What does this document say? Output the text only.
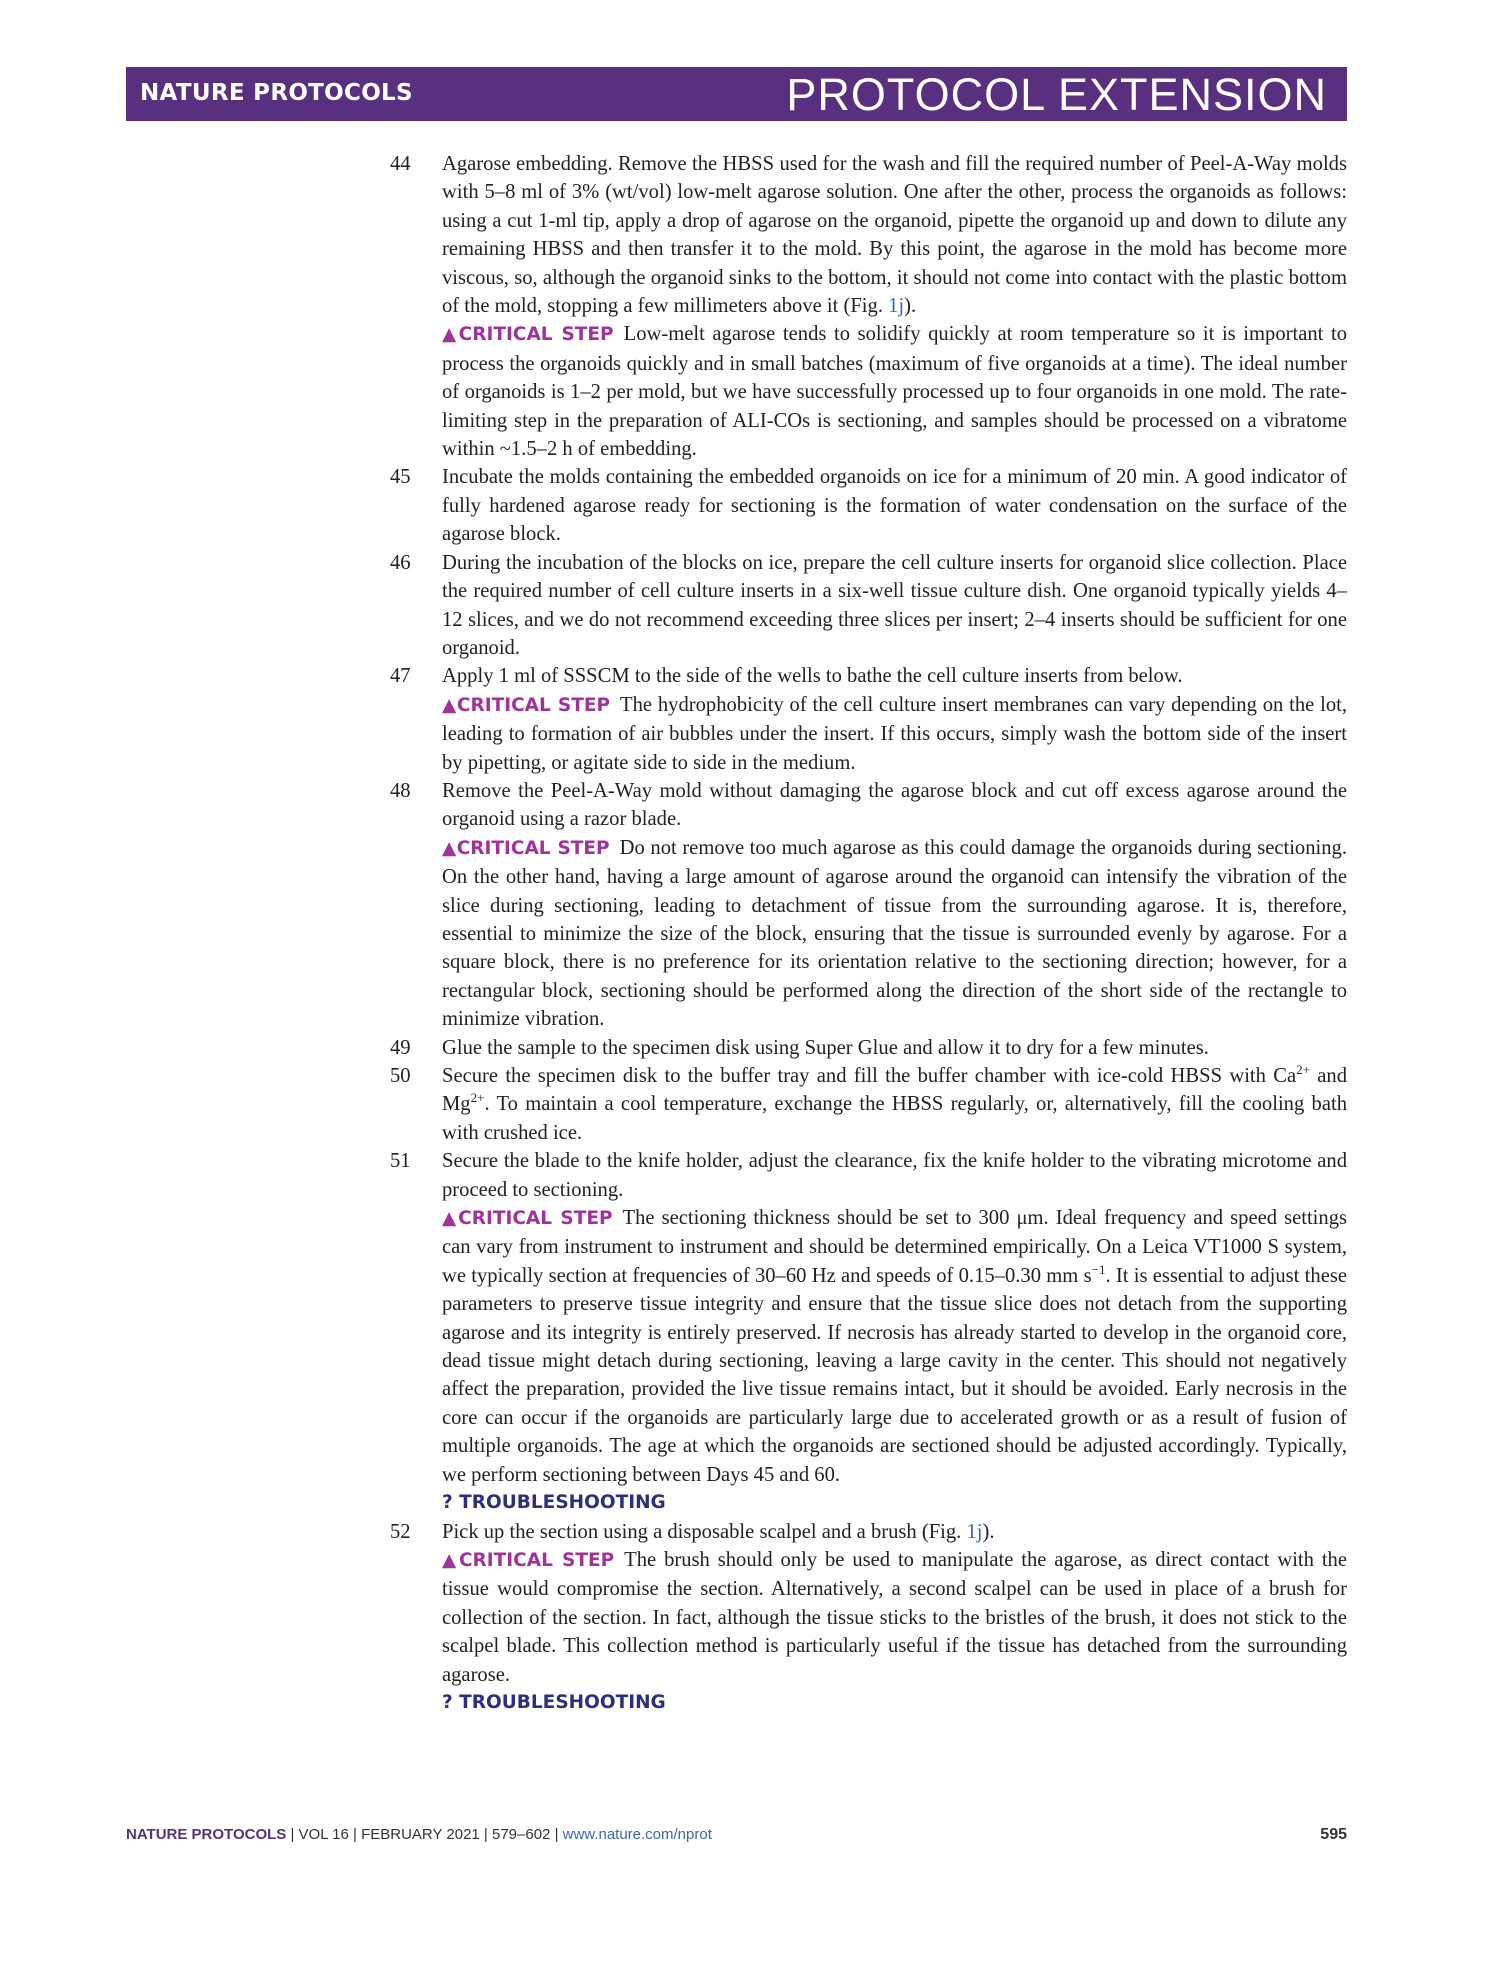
NATURE PROTOCOLS	PROTOCOL EXTENSION
44 Agarose embedding. Remove the HBSS used for the wash and fill the required number of Peel-A-Way molds with 5–8 ml of 3% (wt/vol) low-melt agarose solution. One after the other, process the organoids as follows: using a cut 1-ml tip, apply a drop of agarose on the organoid, pipette the organoid up and down to dilute any remaining HBSS and then transfer it to the mold. By this point, the agarose in the mold has become more viscous, so, although the organoid sinks to the bottom, it should not come into contact with the plastic bottom of the mold, stopping a few millimeters above it (Fig. 1j).
▲CRITICAL STEP Low-melt agarose tends to solidify quickly at room temperature so it is important to process the organoids quickly and in small batches (maximum of five organoids at a time). The ideal number of organoids is 1–2 per mold, but we have successfully processed up to four organoids in one mold. The rate-limiting step in the preparation of ALI-COs is sectioning, and samples should be processed on a vibratome within ~1.5–2 h of embedding.
45 Incubate the molds containing the embedded organoids on ice for a minimum of 20 min. A good indicator of fully hardened agarose ready for sectioning is the formation of water condensation on the surface of the agarose block.
46 During the incubation of the blocks on ice, prepare the cell culture inserts for organoid slice collection. Place the required number of cell culture inserts in a six-well tissue culture dish. One organoid typically yields 4–12 slices, and we do not recommend exceeding three slices per insert; 2–4 inserts should be sufficient for one organoid.
47 Apply 1 ml of SSSCM to the side of the wells to bathe the cell culture inserts from below.
▲CRITICAL STEP The hydrophobicity of the cell culture insert membranes can vary depending on the lot, leading to formation of air bubbles under the insert. If this occurs, simply wash the bottom side of the insert by pipetting, or agitate side to side in the medium.
48 Remove the Peel-A-Way mold without damaging the agarose block and cut off excess agarose around the organoid using a razor blade.
▲CRITICAL STEP Do not remove too much agarose as this could damage the organoids during sectioning. On the other hand, having a large amount of agarose around the organoid can intensify the vibration of the slice during sectioning, leading to detachment of tissue from the surrounding agarose. It is, therefore, essential to minimize the size of the block, ensuring that the tissue is surrounded evenly by agarose. For a square block, there is no preference for its orientation relative to the sectioning direction; however, for a rectangular block, sectioning should be performed along the direction of the short side of the rectangle to minimize vibration.
49 Glue the sample to the specimen disk using Super Glue and allow it to dry for a few minutes.
50 Secure the specimen disk to the buffer tray and fill the buffer chamber with ice-cold HBSS with $Ca^{2+}$ and $Mg^{2+}$. To maintain a cool temperature, exchange the HBSS regularly, or, alternatively, fill the cooling bath with crushed ice.
51 Secure the blade to the knife holder, adjust the clearance, fix the knife holder to the vibrating microtome and proceed to sectioning.
▲CRITICAL STEP The sectioning thickness should be set to 300 μm. Ideal frequency and speed settings can vary from instrument to instrument and should be determined empirically. On a Leica VT1000 S system, we typically section at frequencies of 30–60 Hz and speeds of 0.15–0.30 mm $s^{-1}$. It is essential to adjust these parameters to preserve tissue integrity and ensure that the tissue slice does not detach from the supporting agarose and its integrity is entirely preserved. If necrosis has already started to develop in the organoid core, dead tissue might detach during sectioning, leaving a large cavity in the center. This should not negatively affect the preparation, provided the live tissue remains intact, but it should be avoided. Early necrosis in the core can occur if the organoids are particularly large due to accelerated growth or as a result of fusion of multiple organoids. The age at which the organoids are sectioned should be adjusted accordingly. Typically, we perform sectioning between Days 45 and 60.
? TROUBLESHOOTING
52 Pick up the section using a disposable scalpel and a brush (Fig. 1j).
▲CRITICAL STEP The brush should only be used to manipulate the agarose, as direct contact with the tissue would compromise the section. Alternatively, a second scalpel can be used in place of a brush for collection of the section. In fact, although the tissue sticks to the bristles of the brush, it does not stick to the scalpel blade. This collection method is particularly useful if the tissue has detached from the surrounding agarose.
? TROUBLESHOOTING
NATURE PROTOCOLS | VOL 16 | FEBRUARY 2021 | 579–602 | www.nature.com/nprot	595
